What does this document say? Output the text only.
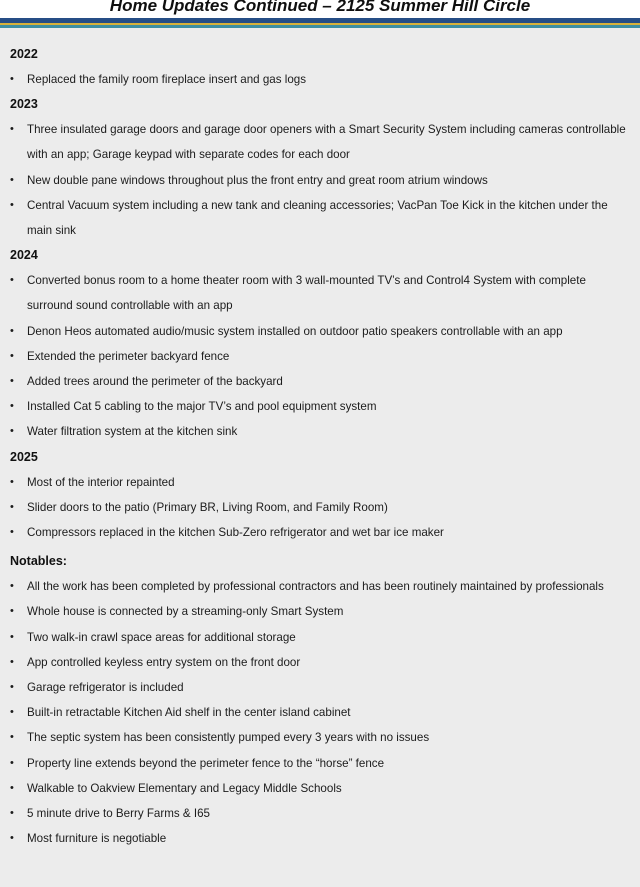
Home Updates Continued – 2125 Summer Hill Circle

2022

• Replaced the family room fireplace insert and gas logs

2023

• Three insulated garage doors and garage door openers with a Smart Security System including cameras controllable with an app; Garage keypad with separate codes for each door
• New double pane windows throughout plus the front entry and great room atrium windows
• Central Vacuum system including a new tank and cleaning accessories; VacPan Toe Kick in the kitchen under the main sink

2024

• Converted bonus room to a home theater room with 3 wall-mounted TV’s and Control4 System with complete surround sound controllable with an app
• Denon Heos automated audio/music system installed on outdoor patio speakers controllable with an app
• Extended the perimeter backyard fence
• Added trees around the perimeter of the backyard
• Installed Cat 5 cabling to the major TV’s and pool equipment system
• Water filtration system at the kitchen sink

2025

• Most of the interior repainted
• Slider doors to the patio (Primary BR, Living Room, and Family Room)
• Compressors replaced in the kitchen Sub-Zero refrigerator and wet bar ice maker

Notables:

• All the work has been completed by professional contractors and has been routinely maintained by professionals
• Whole house is connected by a streaming-only Smart System
• Two walk-in crawl space areas for additional storage
• App controlled keyless entry system on the front door
• Garage refrigerator is included
• Built-in retractable Kitchen Aid shelf in the center island cabinet
• The septic system has been consistently pumped every 3 years with no issues
• Property line extends beyond the perimeter fence to the “horse” fence
• Walkable to Oakview Elementary and Legacy Middle Schools
• 5 minute drive to Berry Farms & I65
• Most furniture is negotiable
